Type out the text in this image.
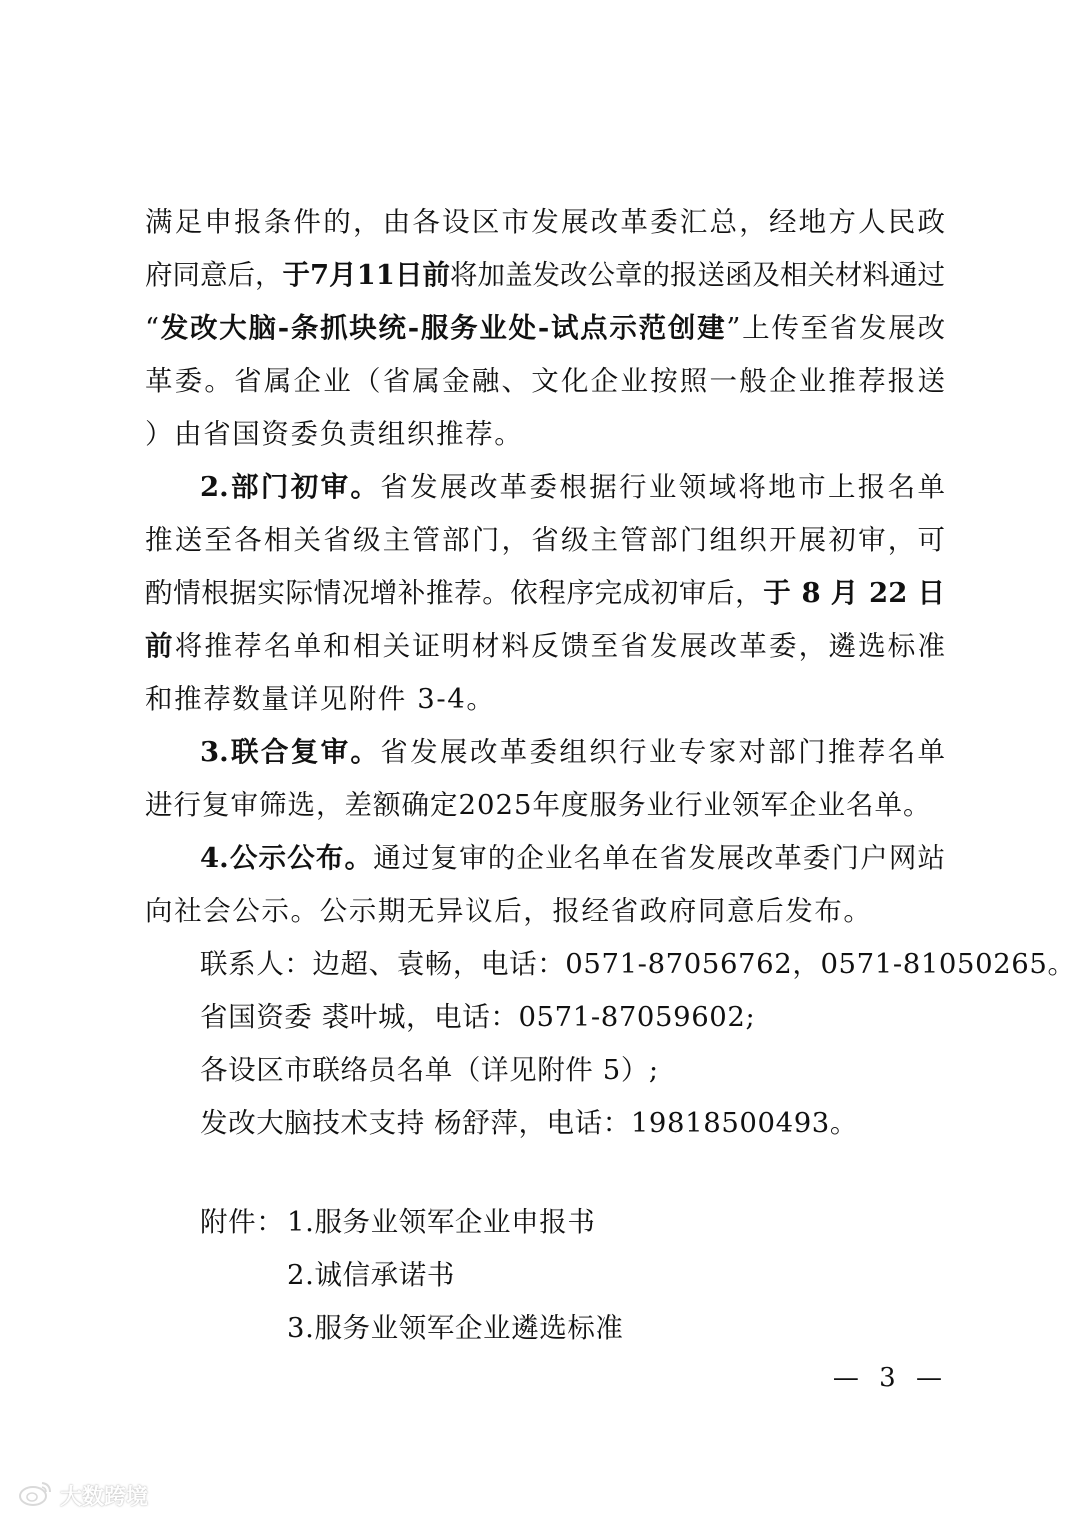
满足申报条件的，由各设区市发展改革委汇总，经地方人民政
府同意后，于7月11日前将加盖发改公章的报送函及相关材料通过
“发改大脑-条抓块统-服务业处-试点示范创建”上传至省发展改
革委。省属企业（省属金融、文化企业按照一般企业推荐报送
）由省国资委负责组织推荐。
2.部门初审。省发展改革委根据行业领域将地市上报名单
推送至各相关省级主管部门，省级主管部门组织开展初审，可
酌情根据实际情况增补推荐。依程序完成初审后，于 8 月 22 日
前将推荐名单和相关证明材料反馈至省发展改革委，遴选标准
和推荐数量详见附件 3-4。
3.联合复审。省发展改革委组织行业专家对部门推荐名单
进行复审筛选，差额确定2025年度服务业行业领军企业名单。
4.公示公布。通过复审的企业名单在省发展改革委门户网站
向社会公示。公示期无异议后，报经省政府同意后发布。
联系人：边超、袁畅，电话：0571-87056762，0571-81050265。
省国资委 裘叶城，电话：0571-87059602;
各设区市联络员名单（详见附件 5）;
发改大脑技术支持 杨舒萍，电话：19818500493。
附件： 1.服务业领军企业申报书
2.诚信承诺书
3.服务业领军企业遴选标准
— 3 —
大数跨境
